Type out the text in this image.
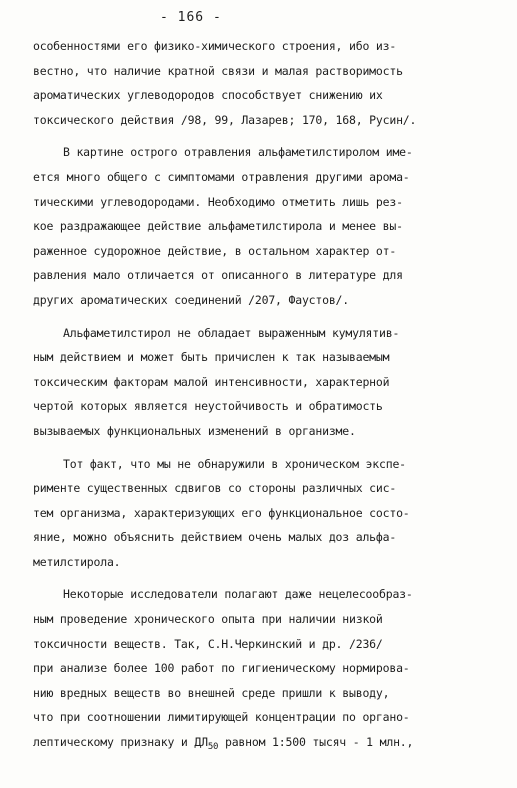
- 166 -
особенностями его физико-химического строения, ибо из-
вестно, что наличие кратной связи и малая растворимость
ароматических углеводородов способствует снижению их
токсического действия /98, 99, Лазарев; 170, 168, Русин/.
В картине острого отравления альфаметилстиролом име-
ется много общего с симптомами отравления другими арома-
тическими углеводородами. Необходимо отметить лишь рез-
кое раздражающее действие альфаметилстирола и менее вы-
раженное судорожное действие, в остальном характер от-
равления мало отличается от описанного в литературе для
других ароматических соединений /207, Фаустов/.
Альфаметилстирол не обладает выраженным кумулятив-
ным действием и может быть причислен к так называемым
токсическим факторам малой интенсивности, характерной
чертой которых является неустойчивость и обратимость
вызываемых функциональных изменений в организме.
Тот факт, что мы не обнаружили в хроническом экспе-
рименте существенных сдвигов со стороны различных сис-
тем организма, характеризующих его функциональное состо-
яние, можно объяснить действием очень малых доз альфа-
метилстирола.
Некоторые исследователи полагают даже нецелесообраз-
ным проведение хронического опыта при наличии низкой
токсичности веществ. Так, С.Н.Черкинский и др. /236/
при анализе более 100 работ по гигиеническому нормирова-
нию вредных веществ во внешней среде пришли к выводу,
что при соотношении лимитирующей концентрации по органо-
лептическому признаку и $ДЛ_{50}$ равном 1:500 тысяч - 1 млн.,
